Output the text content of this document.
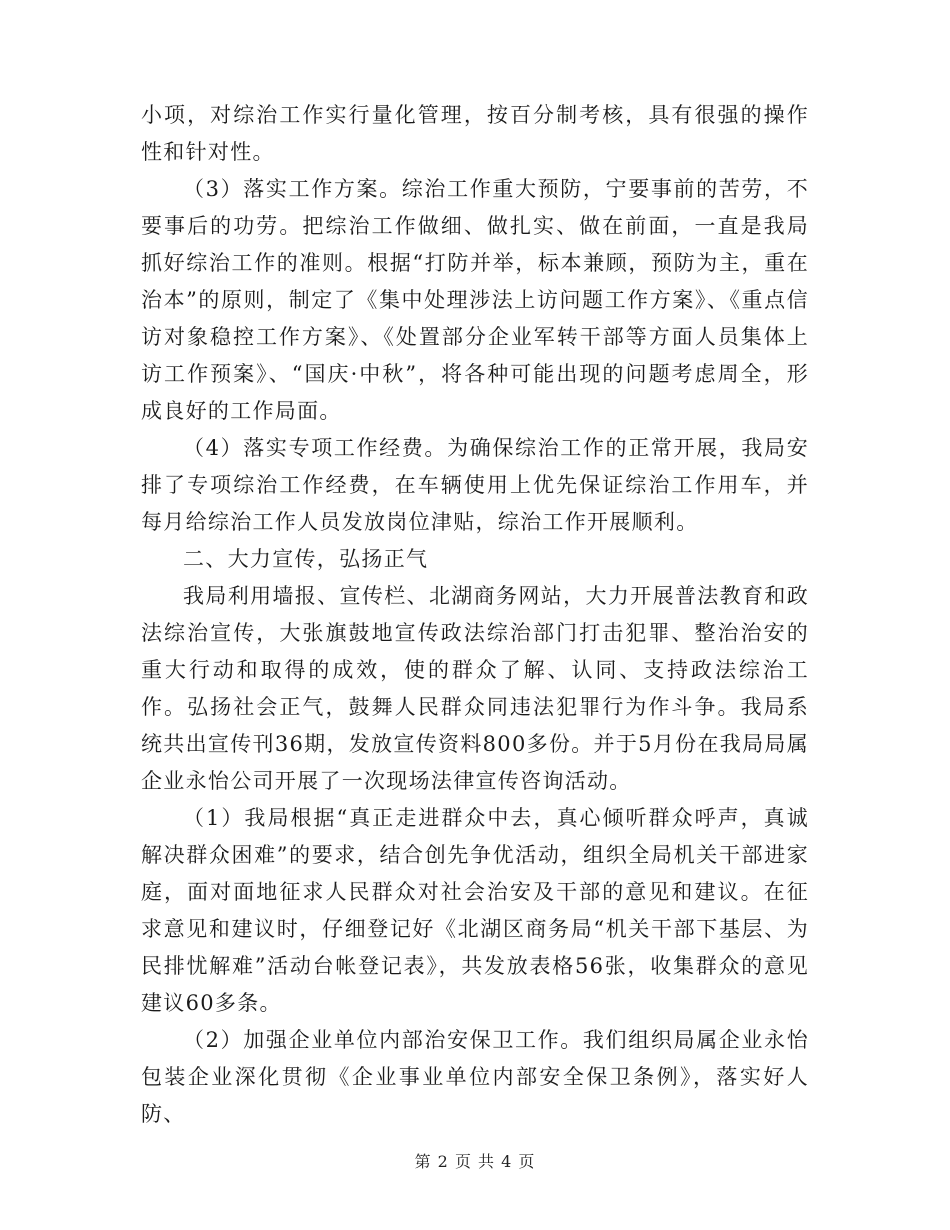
小项，对综治工作实行量化管理，按百分制考核，具有很强的操作性和针对性。

（3）落实工作方案。综治工作重大预防，宁要事前的苦劳，不要事后的功劳。把综治工作做细、做扎实、做在前面，一直是我局抓好综治工作的准则。根据“打防并举，标本兼顾，预防为主，重在治本”的原则，制定了《集中处理涉法上访问题工作方案》、《重点信访对象稳控工作方案》、《处置部分企业军转干部等方面人员集体上访工作预案》、“国庆·中秋”，将各种可能出现的问题考虑周全，形成良好的工作局面。

（4）落实专项工作经费。为确保综治工作的正常开展，我局安排了专项综治工作经费，在车辆使用上优先保证综治工作用车，并每月给综治工作人员发放岗位津贴，综治工作开展顺利。

二、大力宣传，弘扬正气

我局利用墙报、宣传栏、北湖商务网站，大力开展普法教育和政法综治宣传，大张旗鼓地宣传政法综治部门打击犯罪、整治治安的重大行动和取得的成效，使的群众了解、认同、支持政法综治工作。弘扬社会正气，鼓舞人民群众同违法犯罪行为作斗争。我局系统共出宣传刊36期，发放宣传资料800多份。并于5月份在我局局属企业永怡公司开展了一次现场法律宣传咨询活动。

（1）我局根据“真正走进群众中去，真心倾听群众呼声，真诚解决群众困难”的要求，结合创先争优活动，组织全局机关干部进家庭，面对面地征求人民群众对社会治安及干部的意见和建议。在征求意见和建议时，仔细登记好《北湖区商务局“机关干部下基层、为民排忧解难”活动台帐登记表》，共发放表格56张，收集群众的意见建议60多条。

（2）加强企业单位内部治安保卫工作。我们组织局属企业永怡包装企业深化贯彻《企业事业单位内部安全保卫条例》，落实好人防、

第 2 页 共 4 页
